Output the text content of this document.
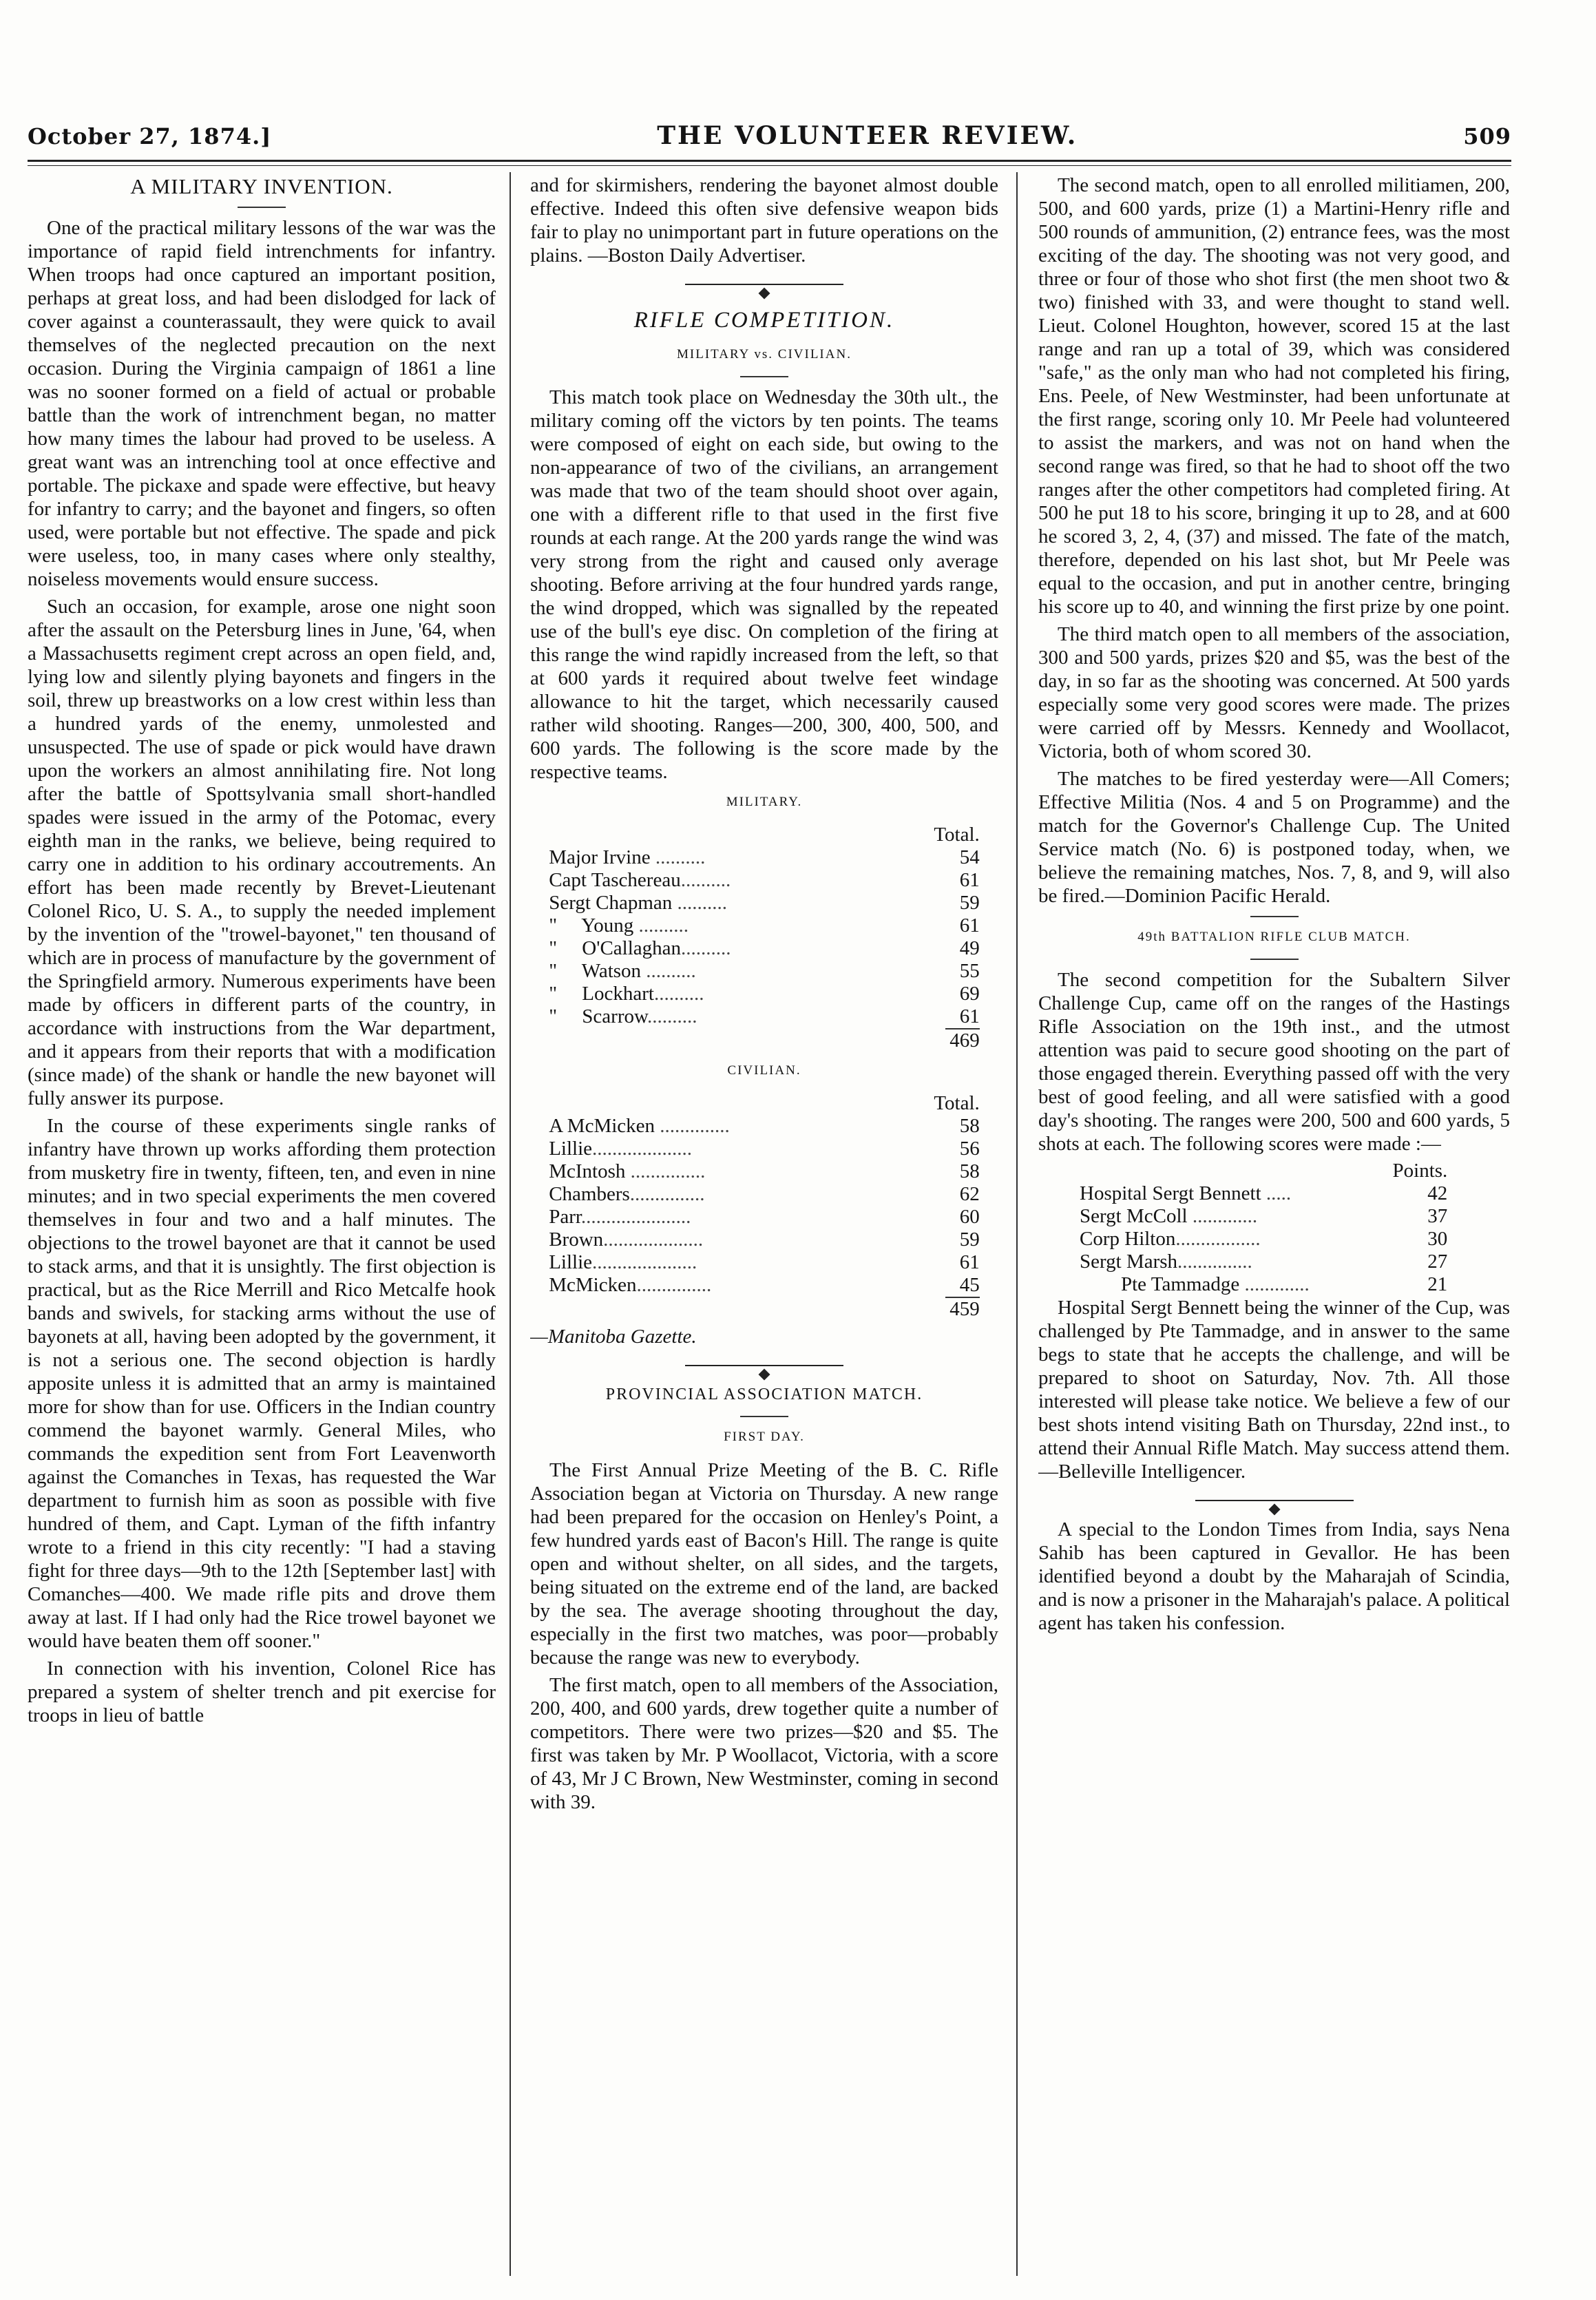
October 27, 1874.]	THE VOLUNTEER REVIEW.	509
A MILITARY INVENTION.

One of the practical military lessons of the war was the importance of rapid field intrenchments for infantry. When troops had once captured an important position, perhaps at great loss, and had been dislodged for lack of cover against a counterassault, they were quick to avail themselves of the neglected precaution on the next occasion. During the Virginia campaign of 1861 a line was no sooner formed on a field of actual or probable battle than the work of intrenchment began, no matter how many times the labour had proved to be useless. A great want was an intrenching tool at once effective and portable. The pickaxe and spade were effective, but heavy for infantry to carry; and the bayonet and fingers, so often used, were portable but not effective. The spade and pick were useless, too, in many cases where only stealthy, noiseless movements would ensure success.

Such an occasion, for example, arose one night soon after the assault on the Petersburg lines in June, '64, when a Massachusetts regiment crept across an open field, and, lying low and silently plying bayonets and fingers in the soil, threw up breastworks on a low crest within less than a hundred yards of the enemy, unmolested and unsuspected. The use of spade or pick would have drawn upon the workers an almost annihilating fire. Not long after the battle of Spottsylvania small short-handled spades were issued in the army of the Potomac, every eighth man in the ranks, we believe, being required to carry one in addition to his ordinary accoutrements. An effort has been made recently by Brevet-Lieutenant Colonel Rico, U. S. A., to supply the needed implement by the invention of the "trowel-bayonet," ten thousand of which are in process of manufacture by the government of the Springfield armory. Numerous experiments have been made by officers in different parts of the country, in accordance with instructions from the War department, and it appears from their reports that with a modification (since made) of the shank or handle the new bayonet will fully answer its purpose.

In the course of these experiments single ranks of infantry have thrown up works affording them protection from musketry fire in twenty, fifteen, ten, and even in nine minutes; and in two special experiments the men covered themselves in four and two and a half minutes. The objections to the trowel bayonet are that it cannot be used to stack arms, and that it is unsightly. The first objection is practical, but as the Rice Merrill and Rico Metcalfe hook bands and swivels, for stacking arms without the use of bayonets at all, having been adopted by the government, it is not a serious one. The second objection is hardly apposite unless it is admitted that an army is maintained more for show than for use. Officers in the Indian country commend the bayonet warmly. General Miles, who commands the expedition sent from Fort Leavenworth against the Comanches in Texas, has requested the War department to furnish him as soon as possible with five hundred of them, and Capt. Lyman of the fifth infantry wrote to a friend in this city recently: "I had a staving fight for three days—9th to the 12th [September last] with Comanches—400. We made rifle pits and drove them away at last. If I had only had the Rice trowel bayonet we would have beaten them off sooner."

In connection with his invention, Colonel Rice has prepared a system of shelter trench and pit exercise for troops in lieu of battle

and for skirmishers, rendering the bayonet almost double effective. Indeed this often sive defensive weapon bids fair to play no unimportant part in future operations on the plains. —Boston Daily Advertiser.

RIFLE COMPETITION.
MILITARY vs. CIVILIAN.

This match took place on Wednesday the 30th ult., the military coming off the victors by ten points. The teams were composed of eight on each side, but owing to the non-appearance of two of the civilians, an arrangement was made that two of the team should shoot over again, one with a different rifle to that used in the first five rounds at each range. At the 200 yards range the wind was very strong from the right and caused only average shooting. Before arriving at the four hundred yards range, the wind dropped, which was signalled by the repeated use of the bull's eye disc. On completion of the firing at this range the wind rapidly increased from the left, so that at 600 yards it required about twelve feet windage allowance to hit the target, which necessarily caused rather wild shooting. Ranges—200, 300, 400, 500, and 600 yards. The following is the score made by the respective teams.

MILITARY.
	Total.
Major Irvine ..........	54
Capt Taschereau..........	61
Sergt Chapman ..........	59
"     Young ..........	61
"     O'Callaghan..........	49
"     Watson ..........	55
"     Lockhart..........	69
"     Scarrow..........	61
	469
CIVILIAN.
	Total.
A McMicken ..............	58
Lillie....................	56
McIntosh ...............	58
Chambers...............	62
Parr......................	60
Brown....................	59
Lillie.....................	61
McMicken...............	45
	459
—Manitoba Gazette.
PROVINCIAL ASSOCIATION MATCH.
FIRST DAY.

The First Annual Prize Meeting of the B. C. Rifle Association began at Victoria on Thursday. A new range had been prepared for the occasion on Henley's Point, a few hundred yards east of Bacon's Hill. The range is quite open and without shelter, on all sides, and the targets, being situated on the extreme end of the land, are backed by the sea. The average shooting throughout the day, especially in the first two matches, was poor—probably because the range was new to everybody.

The first match, open to all members of the Association, 200, 400, and 600 yards, drew together quite a number of competitors. There were two prizes—$20 and $5. The first was taken by Mr. P Woollacot, Victoria, with a score of 43, Mr J C Brown, New Westminster, coming in second with 39.

The second match, open to all enrolled militiamen, 200, 500, and 600 yards, prize (1) a Martini-Henry rifle and 500 rounds of ammunition, (2) entrance fees, was the most exciting of the day. The shooting was not very good, and three or four of those who shot first (the men shoot two & two) finished with 33, and were thought to stand well. Lieut. Colonel Houghton, however, scored 15 at the last range and ran up a total of 39, which was considered "safe," as the only man who had not completed his firing, Ens. Peele, of New Westminster, had been unfortunate at the first range, scoring only 10. Mr Peele had volunteered to assist the markers, and was not on hand when the second range was fired, so that he had to shoot off the two ranges after the other competitors had completed firing. At 500 he put 18 to his score, bringing it up to 28, and at 600 he scored 3, 2, 4, (37) and missed. The fate of the match, therefore, depended on his last shot, but Mr Peele was equal to the occasion, and put in another centre, bringing his score up to 40, and winning the first prize by one point.

The third match open to all members of the association, 300 and 500 yards, prizes $20 and $5, was the best of the day, in so far as the shooting was concerned. At 500 yards especially some very good scores were made. The prizes were carried off by Messrs. Kennedy and Woollacot, Victoria, both of whom scored 30.

The matches to be fired yesterday were—All Comers; Effective Militia (Nos. 4 and 5 on Programme) and the match for the Governor's Challenge Cup. The United Service match (No. 6) is postponed today, when, we believe the remaining matches, Nos. 7, 8, and 9, will also be fired.—Dominion Pacific Herald.

49th BATTALION RIFLE CLUB MATCH.

The second competition for the Subaltern Silver Challenge Cup, came off on the ranges of the Hastings Rifle Association on the 19th inst., and the utmost attention was paid to secure good shooting on the part of those engaged therein. Everything passed off with the very best of good feeling, and all were satisfied with a good day's shooting. The ranges were 200, 500 and 600 yards, 5 shots at each. The following scores were made :—

	Points.
Hospital Sergt Bennett .....	42
Sergt McColl .............	37
Corp Hilton.................	30
Sergt Marsh...............	27
Pte Tammadge .............	21

Hospital Sergt Bennett being the winner of the Cup, was challenged by Pte Tammadge, and in answer to the same begs to state that he accepts the challenge, and will be prepared to shoot on Saturday, Nov. 7th. All those interested will please take notice. We believe a few of our best shots intend visiting Bath on Thursday, 22nd inst., to attend their Annual Rifle Match. May success attend them.—Belleville Intelligencer.

A special to the London Times from India, says Nena Sahib has been captured in Gevallor. He has been identified beyond a doubt by the Maharajah of Scindia, and is now a prisoner in the Maharajah's palace. A political agent has taken his confession.
